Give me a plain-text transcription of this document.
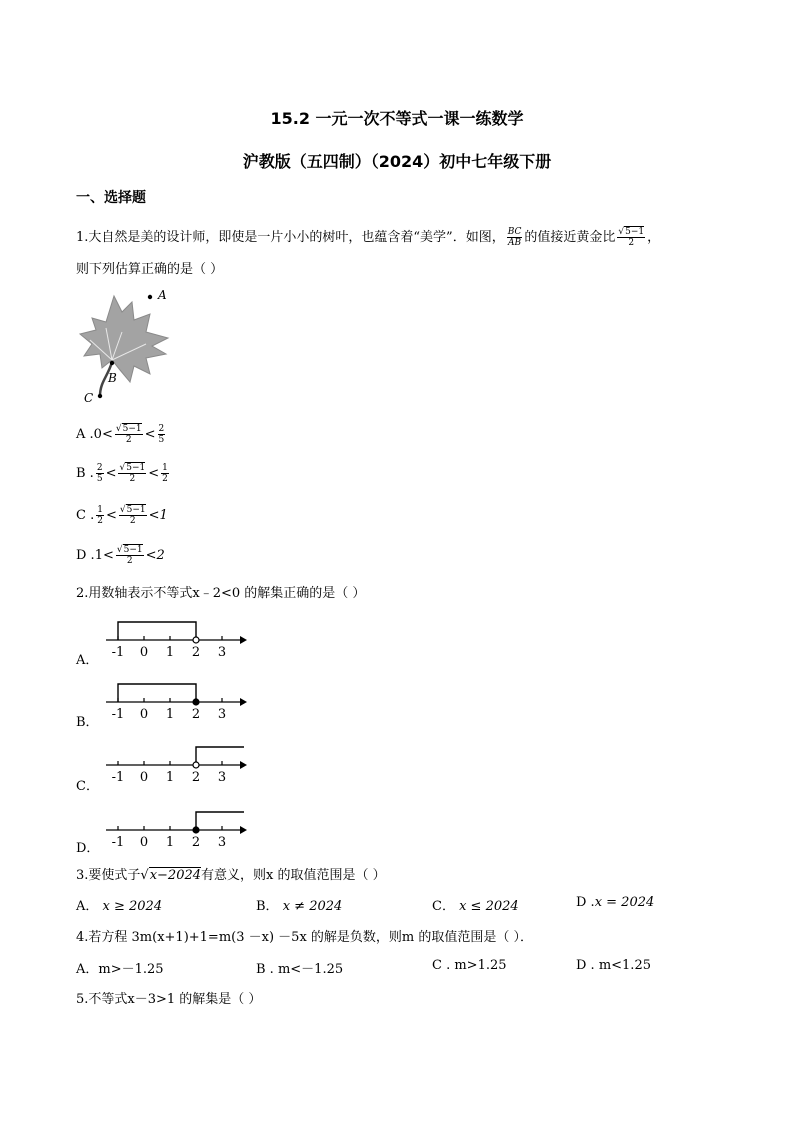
15.2 一元一次不等式一课一练数学
沪教版（五四制）（2024）初中七年级下册
一、选择题
1.大自然是美的设计师，即使是一片小小的树叶，也蕴含着“美学”．如图， $\frac{BC}{AB}$ 的值接近黄金比 $\frac{√5-1}{2}$ ，
则下列估算正确的是（ ）
A
B
C
A $.0< \frac{√5-1}{2} < \frac{2}{5}$
B . $\frac{2}{5} < \frac{√5-1}{2} < \frac{1}{2}$
C . $\frac{1}{2} < \frac{√5-1}{2} <1$
D $.1< \frac{√5-1}{2} <2$
2.用数轴表示不等式x﹣2<0 的解集正确的是（ ）
A．
-1 0 1 2 3
B．
-1 0 1 2 3
C．
-1 0 1 2 3
D． -1 0 1 2 3
3.要使式子√x−2024有意义，则x 的取值范围是（ ）
A． x ≥ 2024	B． x ≠ 2024	C． x ≤ 2024	D .x = 2024
4.若方程 3m(x+1)+1=m(3 －x) －5x 的解是负数，则m 的取值范围是（ ）．
A．m>－1.25	B . m<－1.25	C . m>1.25	D . m<1.25
5.不等式x－3>1 的解集是（ ）
